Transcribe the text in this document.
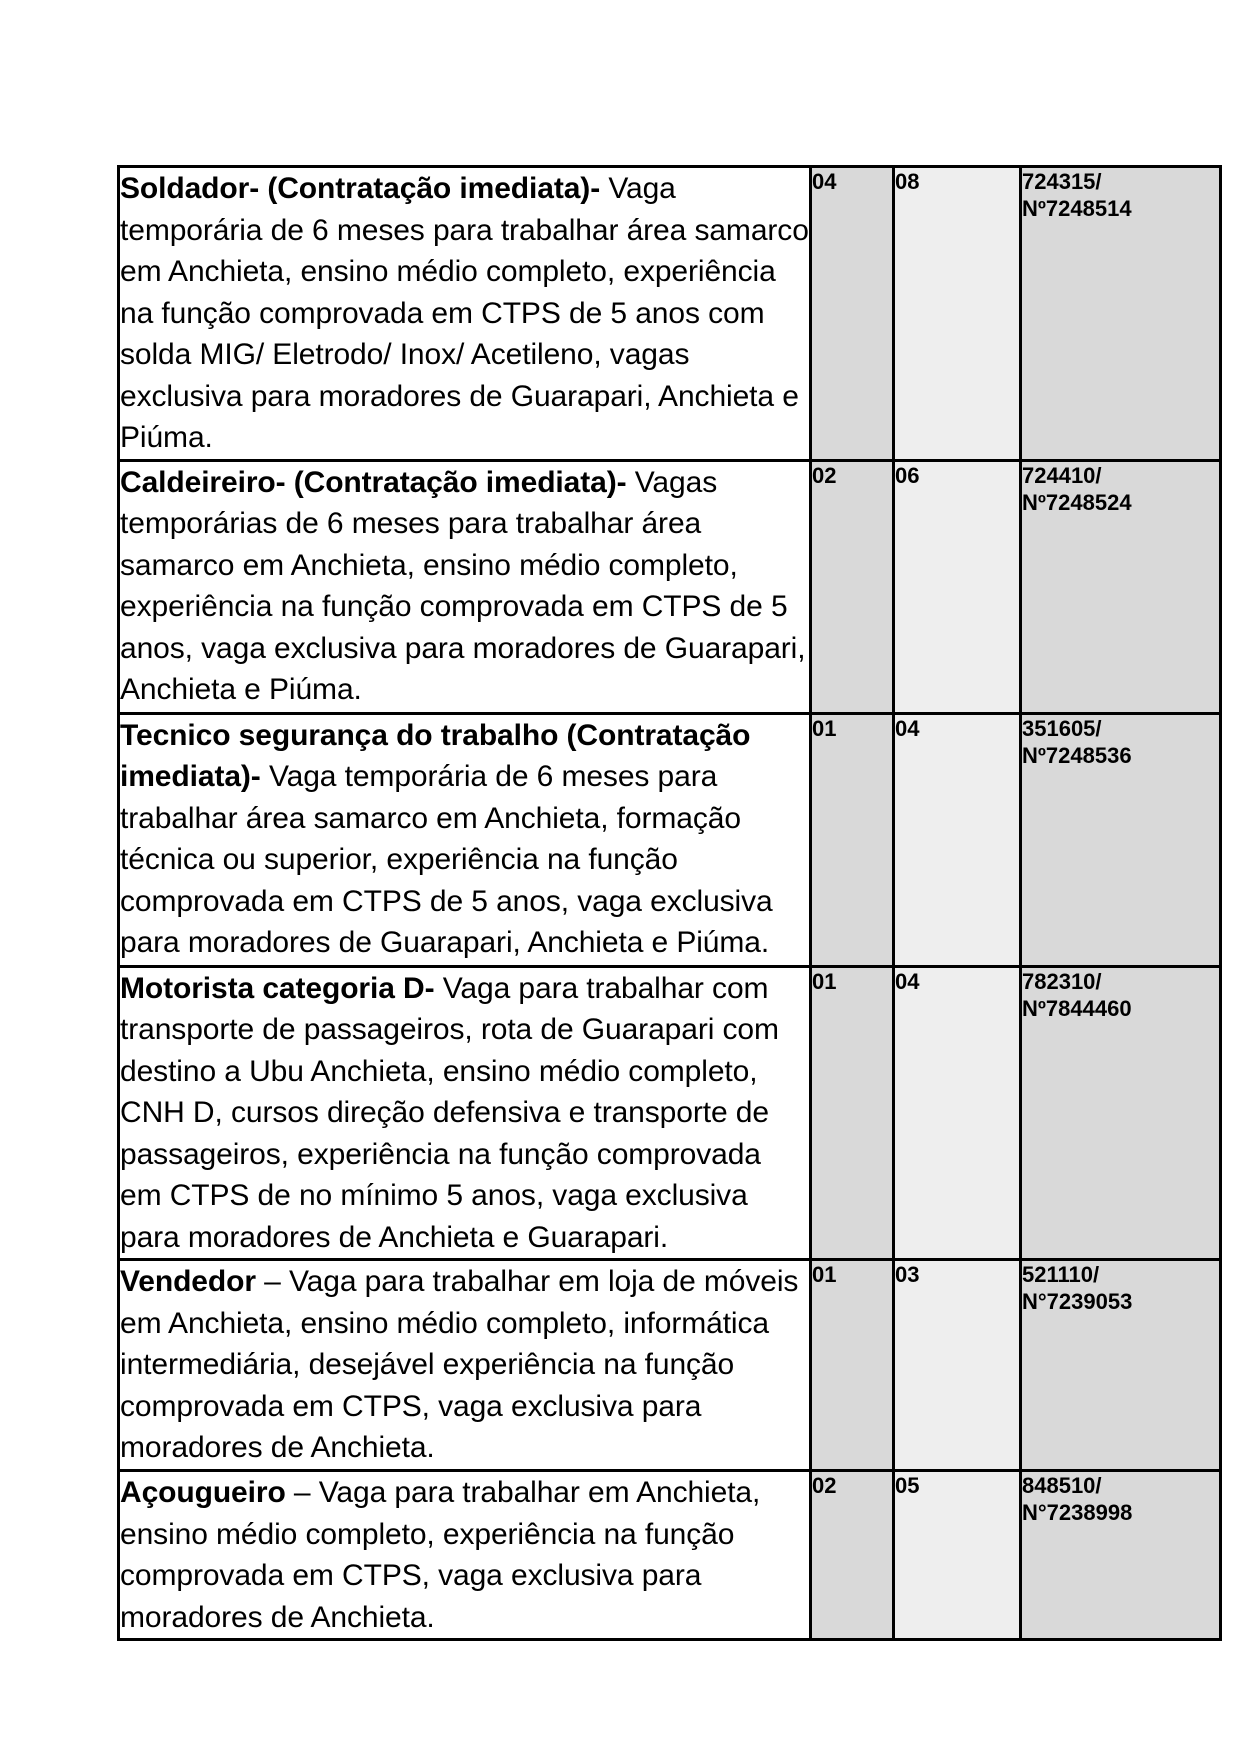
Soldador- (Contratação imediata)- Vaga temporária de 6 meses para trabalhar área samarco em Anchieta, ensino médio completo, experiência na função comprovada em CTPS de 5 anos com solda MIG/ Eletrodo/ Inox/ Acetileno, vagas exclusiva para moradores de Guarapari, Anchieta e Piúma.	04	08	724315/
Nº7248514

Caldeireiro- (Contratação imediata)- Vagas temporárias de 6 meses para trabalhar área samarco em Anchieta, ensino médio completo, experiência na função comprovada em CTPS de 5 anos, vaga exclusiva para moradores de Guarapari, Anchieta e Piúma.	02	06	724410/
Nº7248524

Tecnico segurança do trabalho (Contratação imediata)- Vaga temporária de 6 meses para trabalhar área samarco em Anchieta, formação técnica ou superior, experiência na função comprovada em CTPS de 5 anos, vaga exclusiva para moradores de Guarapari, Anchieta e Piúma.	01	04	351605/
Nº7248536

Motorista categoria D- Vaga para trabalhar com transporte de passageiros, rota de Guarapari com destino a Ubu Anchieta, ensino médio completo, CNH D, cursos direção defensiva e transporte de passageiros, experiência na função comprovada em CTPS de no mínimo 5 anos, vaga exclusiva para moradores de Anchieta e Guarapari.	01	04	782310/
Nº7844460

Vendedor – Vaga para trabalhar em loja de móveis em Anchieta, ensino médio completo, informática intermediária, desejável experiência na função comprovada em CTPS, vaga exclusiva para moradores de Anchieta.	01	03	521110/
N°7239053

Açougueiro – Vaga para trabalhar em Anchieta, ensino médio completo, experiência na função comprovada em CTPS, vaga exclusiva para moradores de Anchieta.	02	05	848510/
N°7238998
